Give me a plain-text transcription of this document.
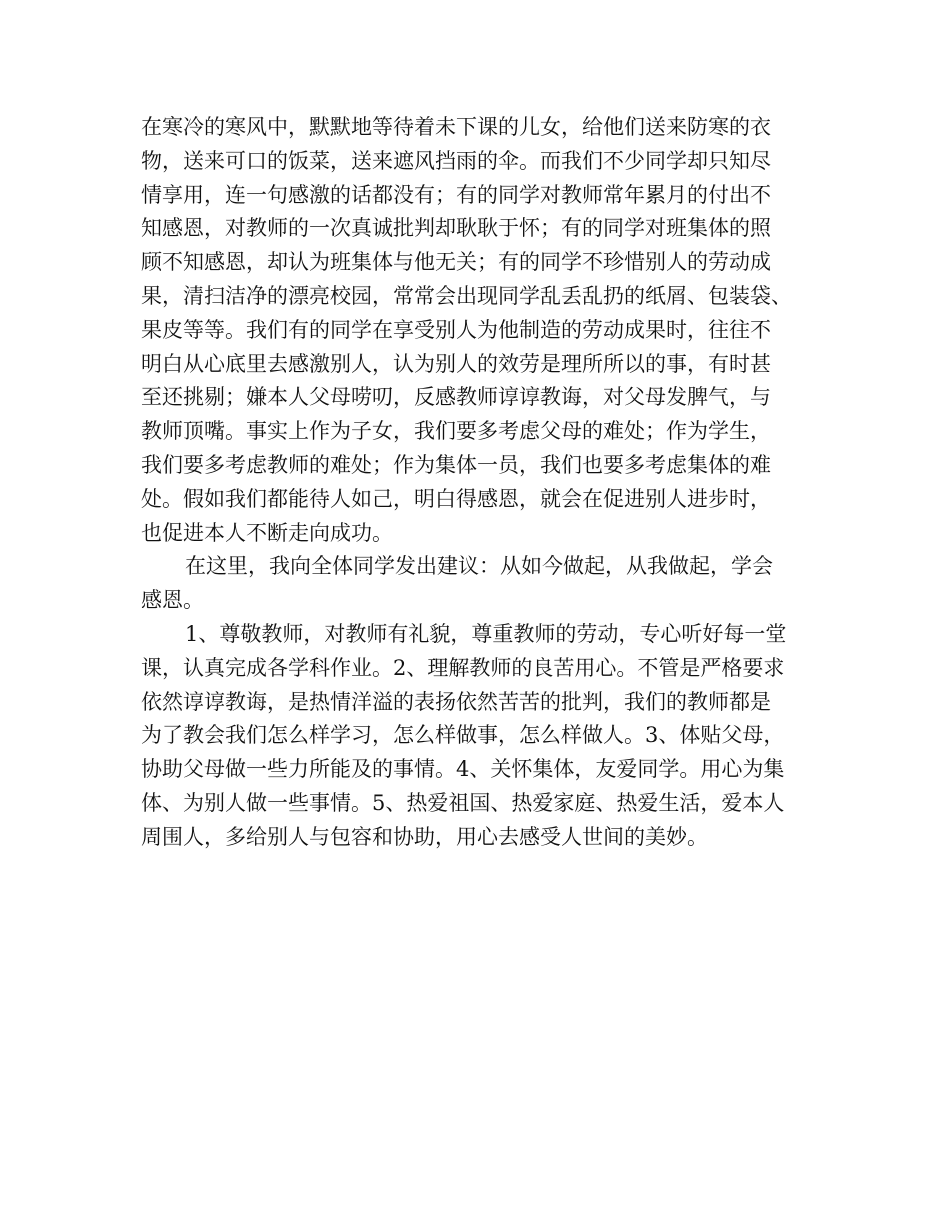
在寒冷的寒风中，默默地等待着未下课的儿女，给他们送来防寒的衣
物，送来可口的饭菜，送来遮风挡雨的伞。而我们不少同学却只知尽
情享用，连一句感激的话都没有；有的同学对教师常年累月的付出不
知感恩，对教师的一次真诚批判却耿耿于怀；有的同学对班集体的照
顾不知感恩，却认为班集体与他无关；有的同学不珍惜别人的劳动成
果，清扫洁净的漂亮校园，常常会出现同学乱丢乱扔的纸屑、包装袋、
果皮等等。我们有的同学在享受别人为他制造的劳动成果时，往往不
明白从心底里去感激别人，认为别人的效劳是理所所以的事，有时甚
至还挑剔；嫌本人父母唠叨，反感教师谆谆教诲，对父母发脾气，与
教师顶嘴。事实上作为子女，我们要多考虑父母的难处；作为学生，
我们要多考虑教师的难处；作为集体一员，我们也要多考虑集体的难
处。假如我们都能待人如己，明白得感恩，就会在促进别人进步时，
也促进本人不断走向成功。
在这里，我向全体同学发出建议：从如今做起，从我做起，学会
感恩。
1、尊敬教师，对教师有礼貌，尊重教师的劳动，专心听好每一堂
课，认真完成各学科作业。2、理解教师的良苦用心。不管是严格要求
依然谆谆教诲，是热情洋溢的表扬依然苦苦的批判，我们的教师都是
为了教会我们怎么样学习，怎么样做事，怎么样做人。3、体贴父母，
协助父母做一些力所能及的事情。4、关怀集体，友爱同学。用心为集
体、为别人做一些事情。5、热爱祖国、热爱家庭、热爱生活，爱本人
周围人，多给别人与包容和协助，用心去感受人世间的美妙。
